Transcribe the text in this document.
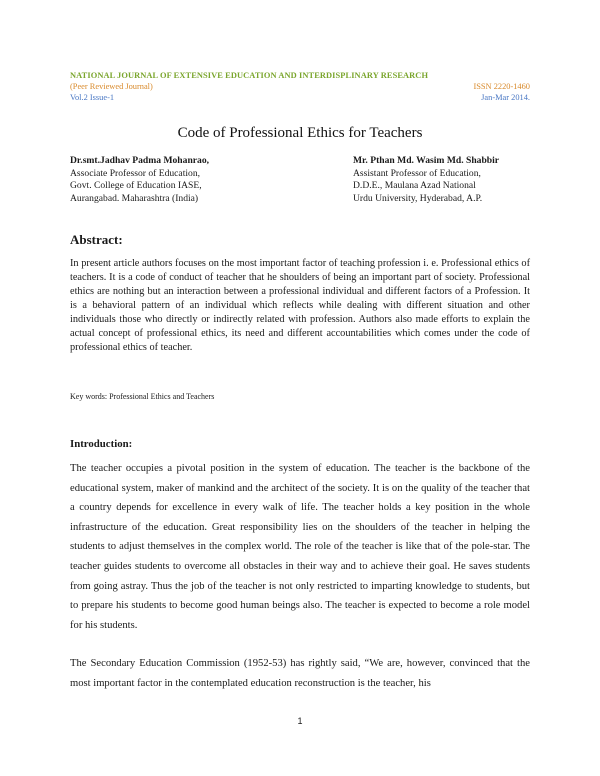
NATIONAL JOURNAL OF EXTENSIVE EDUCATION AND INTERDISPLINARY RESEARCH
(Peer Reviewed Journal)	ISSN 2220-1460
Vol.2 Issue-1	Jan-Mar 2014.
Code of Professional Ethics for Teachers
Dr.smt.Jadhav Padma Mohanrao,
Associate Professor of Education,
Govt. College of Education IASE,
Aurangabad. Maharashtra (India)
Mr. Pthan Md. Wasim Md. Shabbir
Assistant Professor of Education,
D.D.E., Maulana Azad National
Urdu University, Hyderabad, A.P.
Abstract:
In present article authors focuses on the most important factor of teaching profession i. e. Professional ethics of teachers. It is a code of conduct of teacher that he shoulders of being an important part of society. Professional ethics are nothing but an interaction between a professional individual and different factors of a Profession. It is a behavioral pattern of an individual which reflects while dealing with different situation and other individuals those who directly or indirectly related with profession. Authors also made efforts to explain the actual concept of professional ethics, its need and different accountabilities which comes under the code of professional ethics of teacher.
Key words: Professional Ethics and Teachers
Introduction:
The teacher occupies a pivotal position in the system of education. The teacher is the backbone of the educational system, maker of mankind and the architect of the society. It is on the quality of the teacher that a country depends for excellence in every walk of life. The teacher holds a key position in the whole infrastructure of the education. Great responsibility lies on the shoulders of the teacher in helping the students to adjust themselves in the complex world. The role of the teacher is like that of the pole-star. The teacher guides students to overcome all obstacles in their way and to achieve their goal. He saves students from going astray. Thus the job of the teacher is not only restricted to imparting knowledge to students, but to prepare his students to become good human beings also. The teacher is expected to become a role model for his students.
The Secondary Education Commission (1952-53) has rightly said, “We are, however, convinced that the most important factor in the contemplated education reconstruction is the teacher, his
1
